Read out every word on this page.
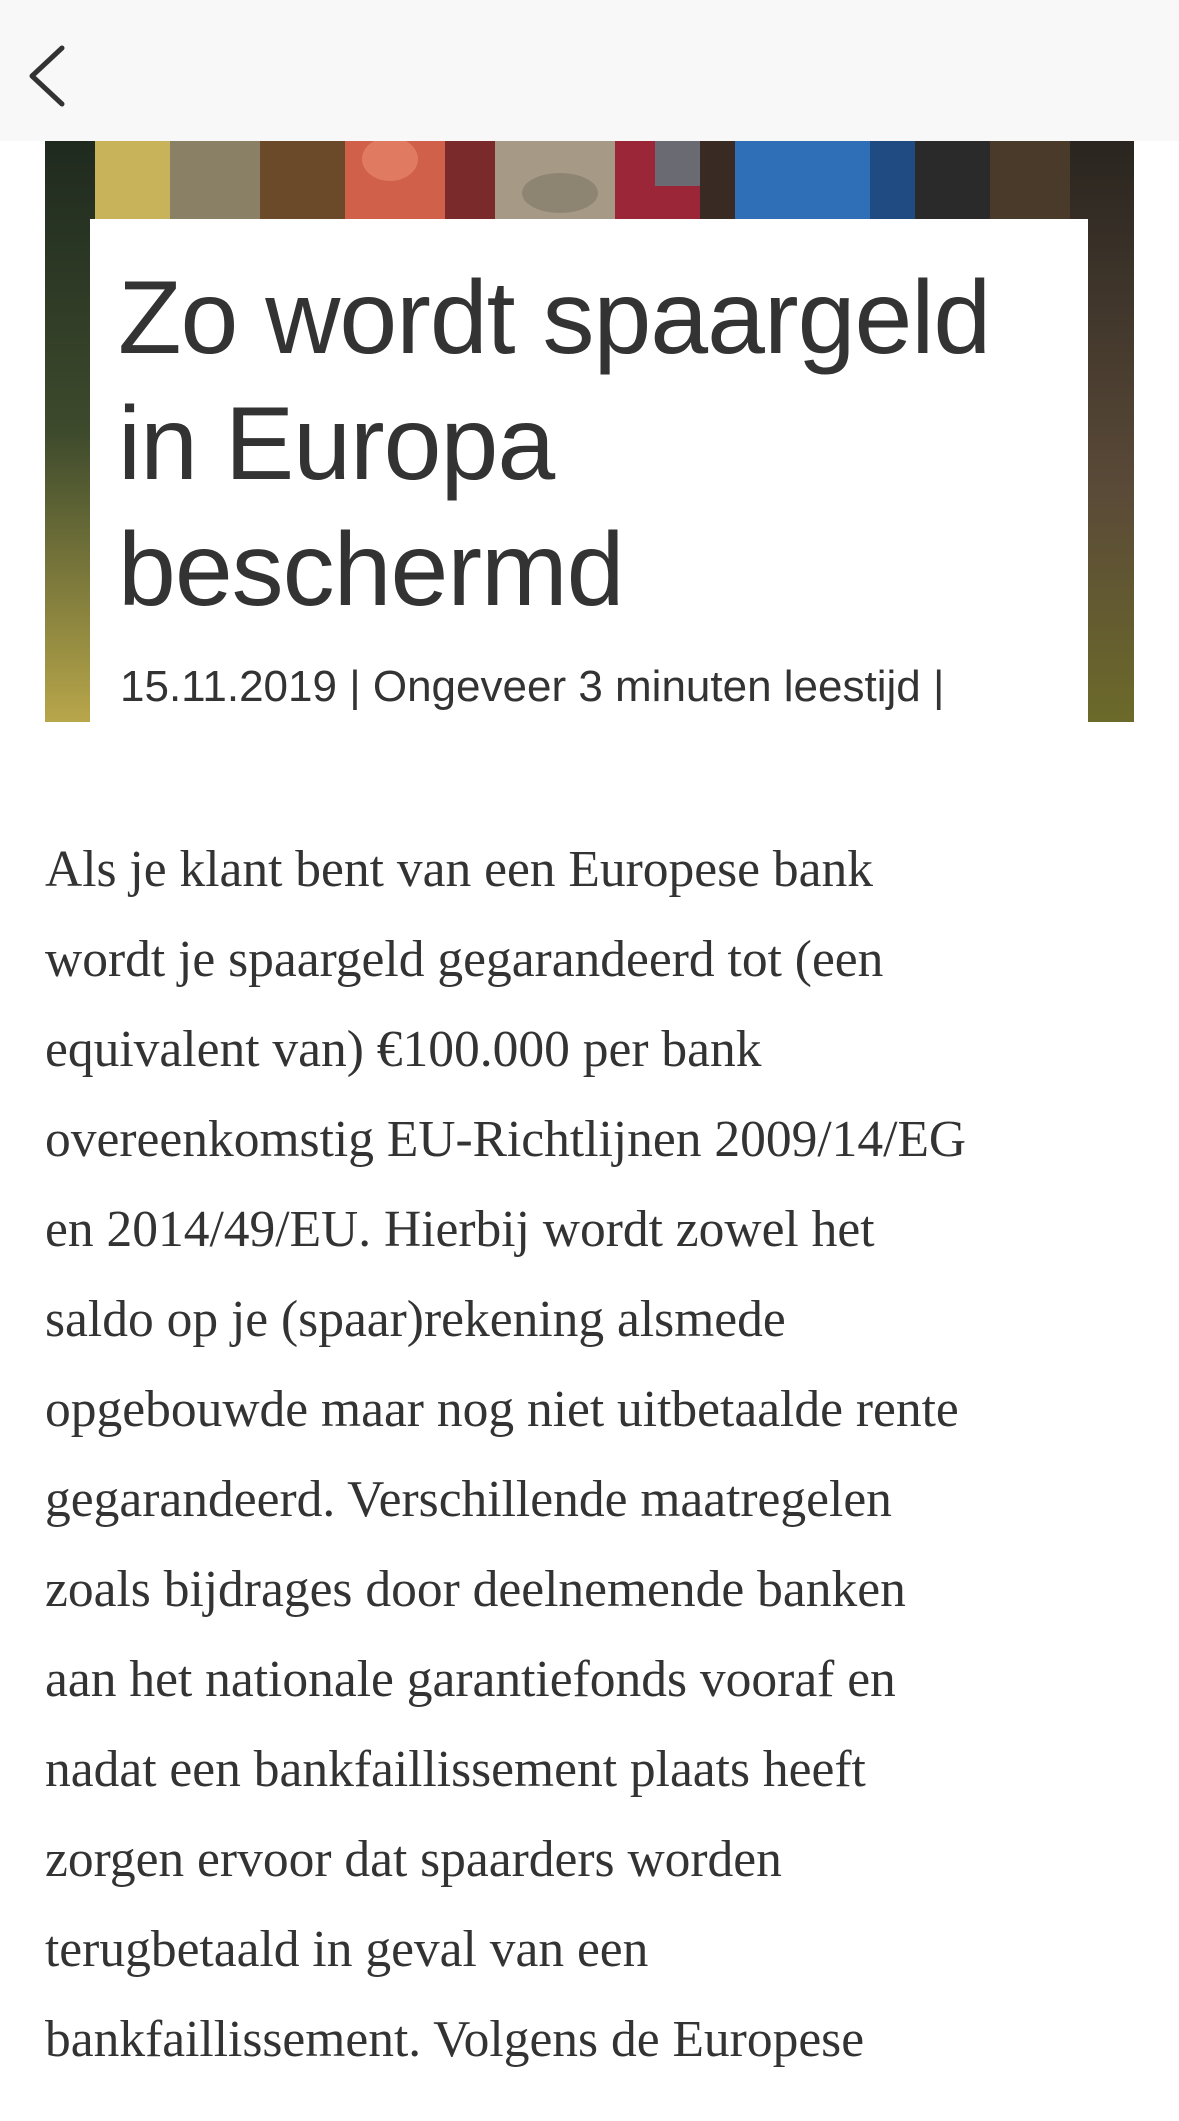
Zo wordt spaargeld in Europa beschermd
15.11.2019 | Ongeveer 3 minuten leestijd |
Als je klant bent van een Europese bank
wordt je spaargeld gegarandeerd tot (een
equivalent van) €100.000 per bank
overeenkomstig EU-Richtlijnen 2009/14/EG
en 2014/49/EU. Hierbij wordt zowel het
saldo op je (spaar)rekening alsmede
opgebouwde maar nog niet uitbetaalde rente
gegarandeerd. Verschillende maatregelen
zoals bijdrages door deelnemende banken
aan het nationale garantiefonds vooraf en
nadat een bankfaillissement plaats heeft
zorgen ervoor dat spaarders worden
terugbetaald in geval van een
bankfaillissement. Volgens de Europese
